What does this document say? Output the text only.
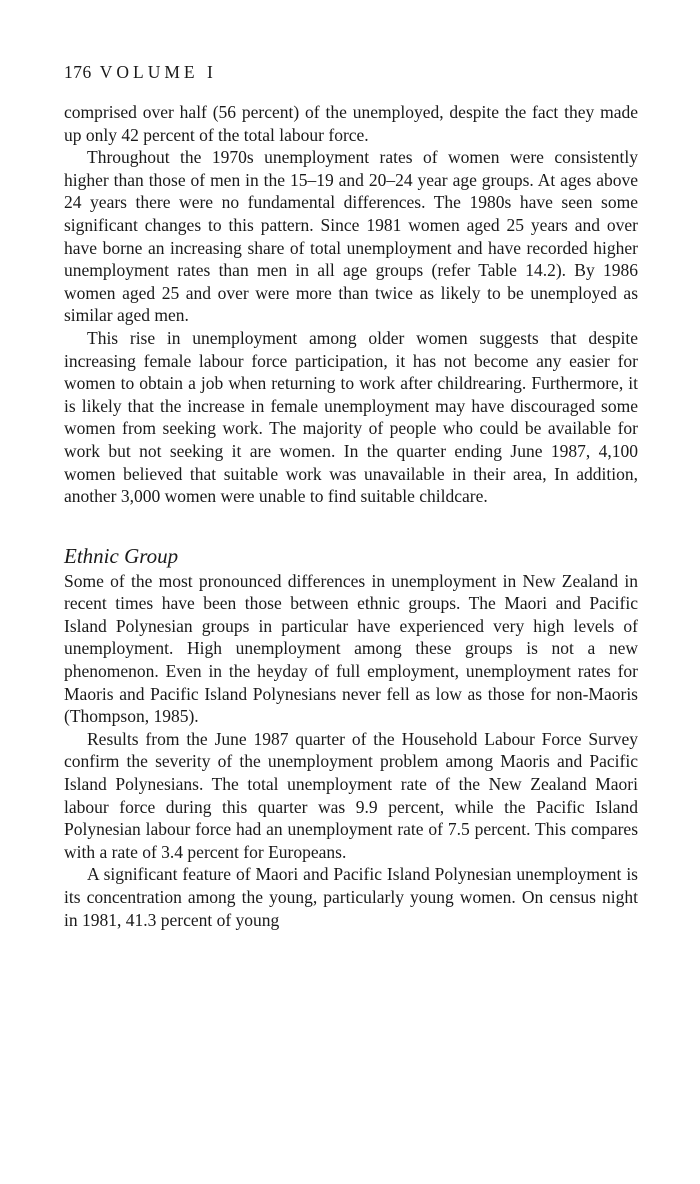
176 VOLUME I

comprised over half (56 percent) of the unemployed, despite the fact they made up only 42 percent of the total labour force.

Throughout the 1970s unemployment rates of women were consistently higher than those of men in the 15–19 and 20–24 year age groups. At ages above 24 years there were no fundamental differences. The 1980s have seen some significant changes to this pattern. Since 1981 women aged 25 years and over have borne an increasing share of total unemployment and have recorded higher unemployment rates than men in all age groups (refer Table 14.2). By 1986 women aged 25 and over were more than twice as likely to be unemployed as similar aged men.

This rise in unemployment among older women suggests that despite increasing female labour force participation, it has not become any easier for women to obtain a job when returning to work after childrearing. Furthermore, it is likely that the increase in female unemployment may have discouraged some women from seeking work. The majority of people who could be available for work but not seeking it are women. In the quarter ending June 1987, 4,100 women believed that suitable work was unavailable in their area, In addition, another 3,000 women were unable to find suitable childcare.

Ethnic Group

Some of the most pronounced differences in unemployment in New Zealand in recent times have been those between ethnic groups. The Maori and Pacific Island Polynesian groups in particular have experienced very high levels of unemployment. High unemployment among these groups is not a new phenomenon. Even in the heyday of full employment, unemployment rates for Maoris and Pacific Island Polynesians never fell as low as those for non-Maoris (Thompson, 1985).

Results from the June 1987 quarter of the Household Labour Force Survey confirm the severity of the unemployment problem among Maoris and Pacific Island Polynesians. The total unemployment rate of the New Zealand Maori labour force during this quarter was 9.9 percent, while the Pacific Island Polynesian labour force had an unemployment rate of 7.5 percent. This compares with a rate of 3.4 percent for Europeans.

A significant feature of Maori and Pacific Island Polynesian unemployment is its concentration among the young, particularly young women. On census night in 1981, 41.3 percent of young
